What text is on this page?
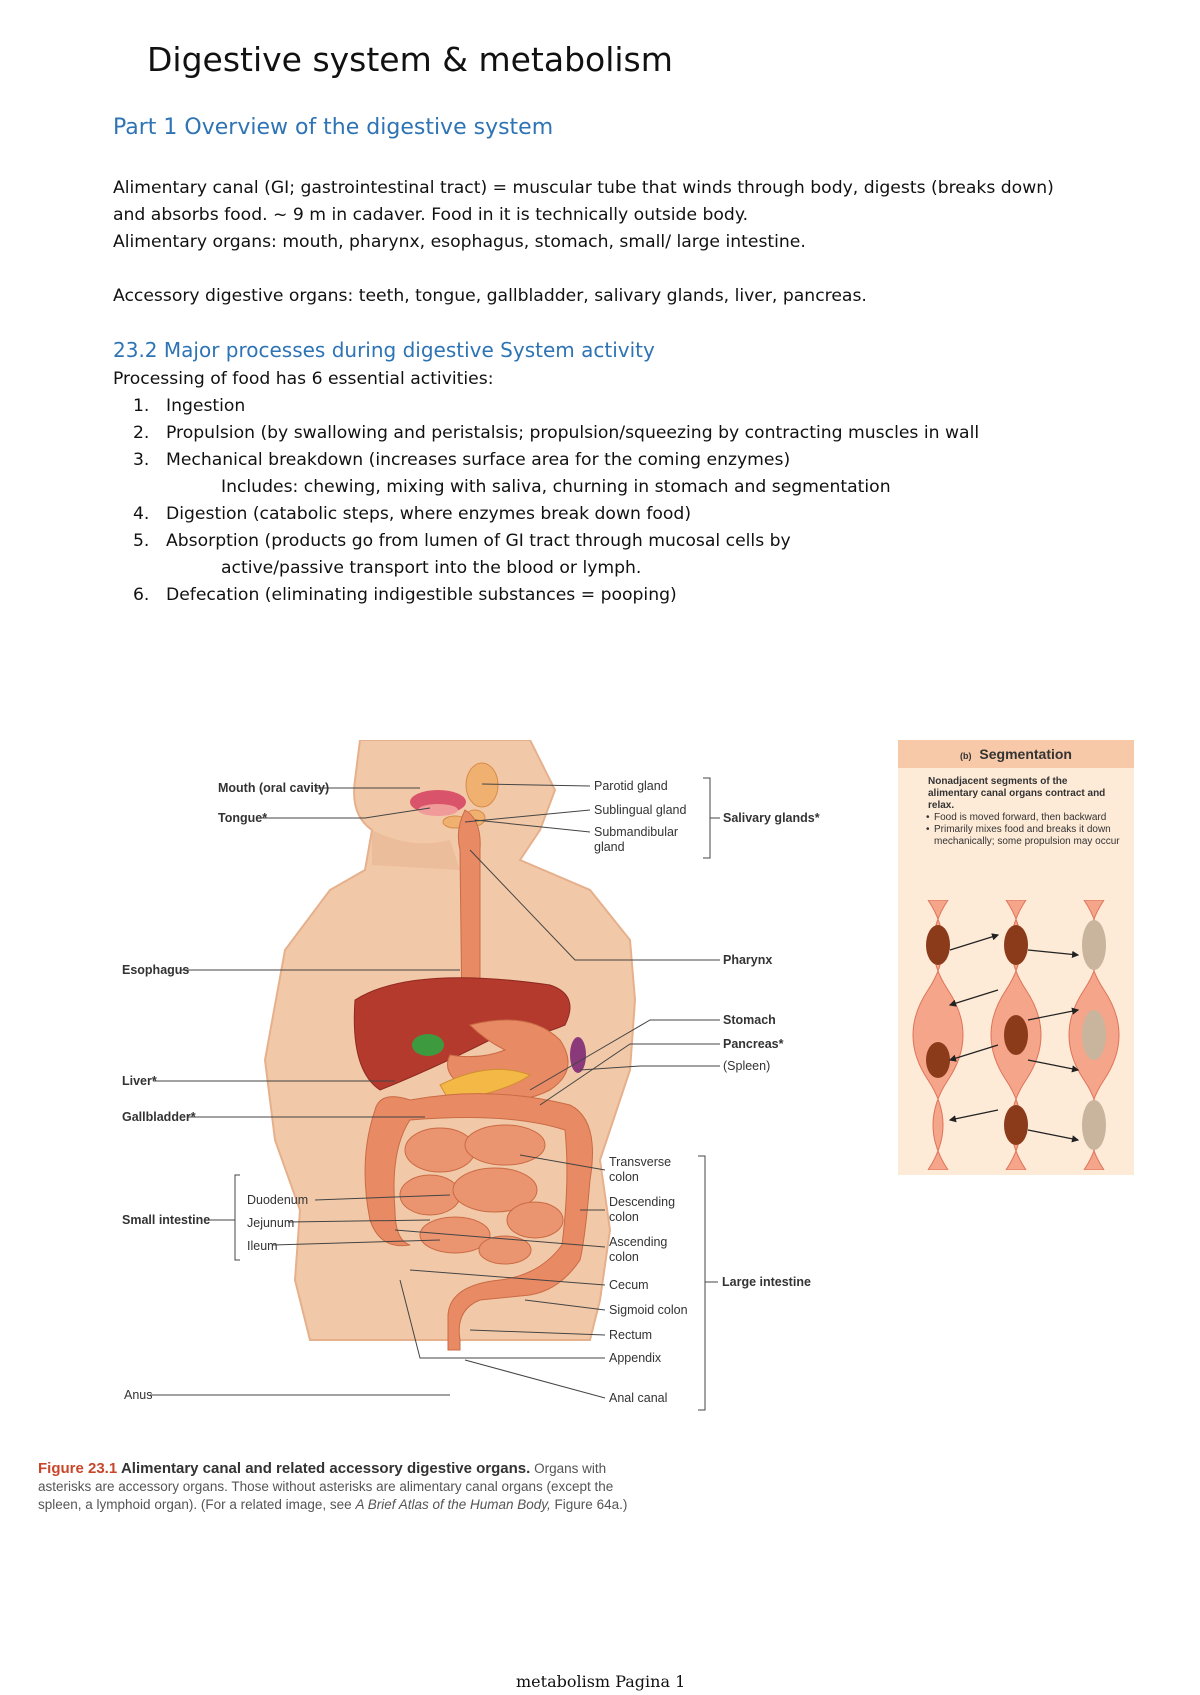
Digestive system & metabolism
Part 1 Overview of the digestive system

Alimentary canal (GI; gastrointestinal tract) = muscular tube that winds through body, digests (breaks down)
and absorbs food. ~ 9 m in cadaver. Food in it is technically outside body.
Alimentary organs: mouth, pharynx, esophagus, stomach, small/ large intestine.

Accessory digestive organs: teeth, tongue, gallbladder, salivary glands, liver, pancreas.

23.2 Major processes during digestive System activity

Processing of food has 6 essential activities:

1. Ingestion
2. Propulsion (by swallowing and peristalsis; propulsion/squeezing by contracting muscles in wall
3. Mechanical breakdown (increases surface area for the coming enzymes)
Includes: chewing, mixing with saliva, churning in stomach and segmentation
4. Digestion (catabolic steps, where enzymes break down food)
5. Absorption (products go from lumen of GI tract through mucosal cells by
active/passive transport into the blood or lymph.
6. Defecation (eliminating indigestible substances = pooping)
Mouth (oral cavity)
Tongue*
Esophagus
Liver*
Gallbladder*
Small intestine
Duodenum
Jejunum
Ileum
Anus
Parotid gland
Sublingual gland
Submandibular
gland
Salivary glands*
Pharynx
Stomach
Pancreas*
(Spleen)
Transverse
colon
Descending
colon
Ascending
colon
Cecum
Sigmoid colon
Rectum
Appendix
Anal canal
Large intestine
(b) Segmentation

Nonadjacent segments of the alimentary canal organs contract and relax.

• Food is moved forward, then backward
• Primarily mixes food and breaks it down mechanically; some propulsion may occur

Figure 23.1 Alimentary canal and related accessory digestive organs. Organs with
asterisks are accessory organs. Those without asterisks are alimentary canal organs (except the
spleen, a lymphoid organ). (For a related image, see A Brief Atlas of the Human Body, Figure 64a.)

metabolism Pagina 1
